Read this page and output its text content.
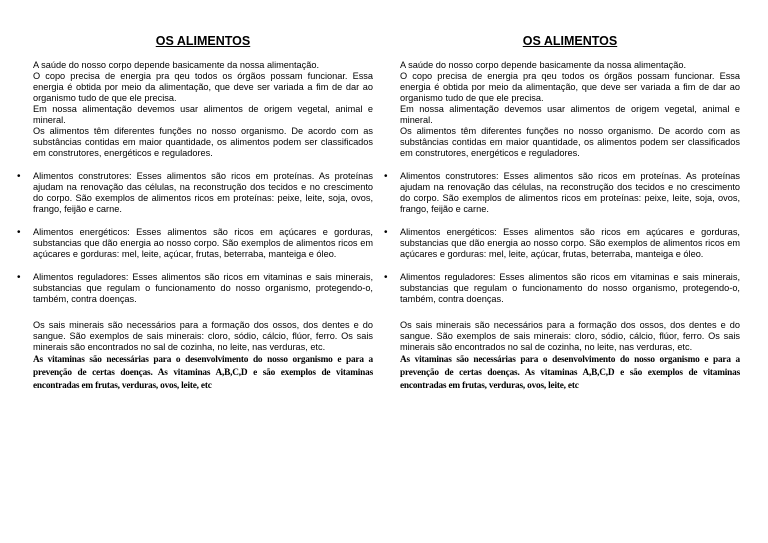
OS ALIMENTOS

A saúde do nosso corpo depende basicamente da nossa alimentação.

O copo precisa de energia pra qeu todos os órgãos possam funcionar. Essa energia é obtida por meio da alimentação, que deve ser variada a fim de dar ao organismo tudo de que ele precisa.

Em nossa alimentação devemos usar alimentos de origem vegetal, animal e mineral.

Os alimentos têm diferentes funções no nosso organismo. De acordo com as substâncias contidas em maior quantidade, os alimentos podem ser classificados em construtores, energéticos e reguladores.

• Alimentos construtores: Esses alimentos são ricos em proteínas. As proteínas ajudam na renovação das células, na reconstrução dos tecidos e no crescimento do corpo. São exemplos de alimentos ricos em proteínas: peixe, leite, soja, ovos, frango, feijão e carne.
• Alimentos energéticos: Esses alimentos são ricos em açúcares e gorduras, substancias que dão energia ao nosso corpo. São exemplos de alimentos ricos em açúcares e gorduras: mel, leite, açúcar, frutas, beterraba, manteiga e óleo.
• Alimentos reguladores: Esses alimentos são ricos em vitaminas e sais minerais, substancias que regulam o funcionamento do nosso organismo, protegendo-o, também, contra doenças.
Os sais minerais são necessários para a formação dos ossos, dos dentes e do sangue. São exemplos de sais minerais: cloro, sódio, cálcio, flúor, ferro. Os sais minerais são encontrados no sal de cozinha, no leite, nas verduras, etc.
As vitaminas são necessárias para o desenvolvimento do nosso organismo e para a prevenção de certas doenças. As vitaminas A,B,C,D e são exemplos de vitaminas encontradas em frutas, verduras, ovos, leite, etc
OS ALIMENTOS

A saúde do nosso corpo depende basicamente da nossa alimentação.

O copo precisa de energia pra qeu todos os órgãos possam funcionar. Essa energia é obtida por meio da alimentação, que deve ser variada a fim de dar ao organismo tudo de que ele precisa.

Em nossa alimentação devemos usar alimentos de origem vegetal, animal e mineral.

Os alimentos têm diferentes funções no nosso organismo. De acordo com as substâncias contidas em maior quantidade, os alimentos podem ser classificados em construtores, energéticos e reguladores.

• Alimentos construtores: Esses alimentos são ricos em proteínas. As proteínas ajudam na renovação das células, na reconstrução dos tecidos e no crescimento do corpo. São exemplos de alimentos ricos em proteínas: peixe, leite, soja, ovos, frango, feijão e carne.
• Alimentos energéticos: Esses alimentos são ricos em açúcares e gorduras, substancias que dão energia ao nosso corpo. São exemplos de alimentos ricos em açúcares e gorduras: mel, leite, açúcar, frutas, beterraba, manteiga e óleo.
• Alimentos reguladores: Esses alimentos são ricos em vitaminas e sais minerais, substancias que regulam o funcionamento do nosso organismo, protegendo-o, também, contra doenças.
Os sais minerais são necessários para a formação dos ossos, dos dentes e do sangue. São exemplos de sais minerais: cloro, sódio, cálcio, flúor, ferro. Os sais minerais são encontrados no sal de cozinha, no leite, nas verduras, etc.
As vitaminas são necessárias para o desenvolvimento do nosso organismo e para a prevenção de certas doenças. As vitaminas A,B,C,D e são exemplos de vitaminas encontradas em frutas, verduras, ovos, leite, etc
